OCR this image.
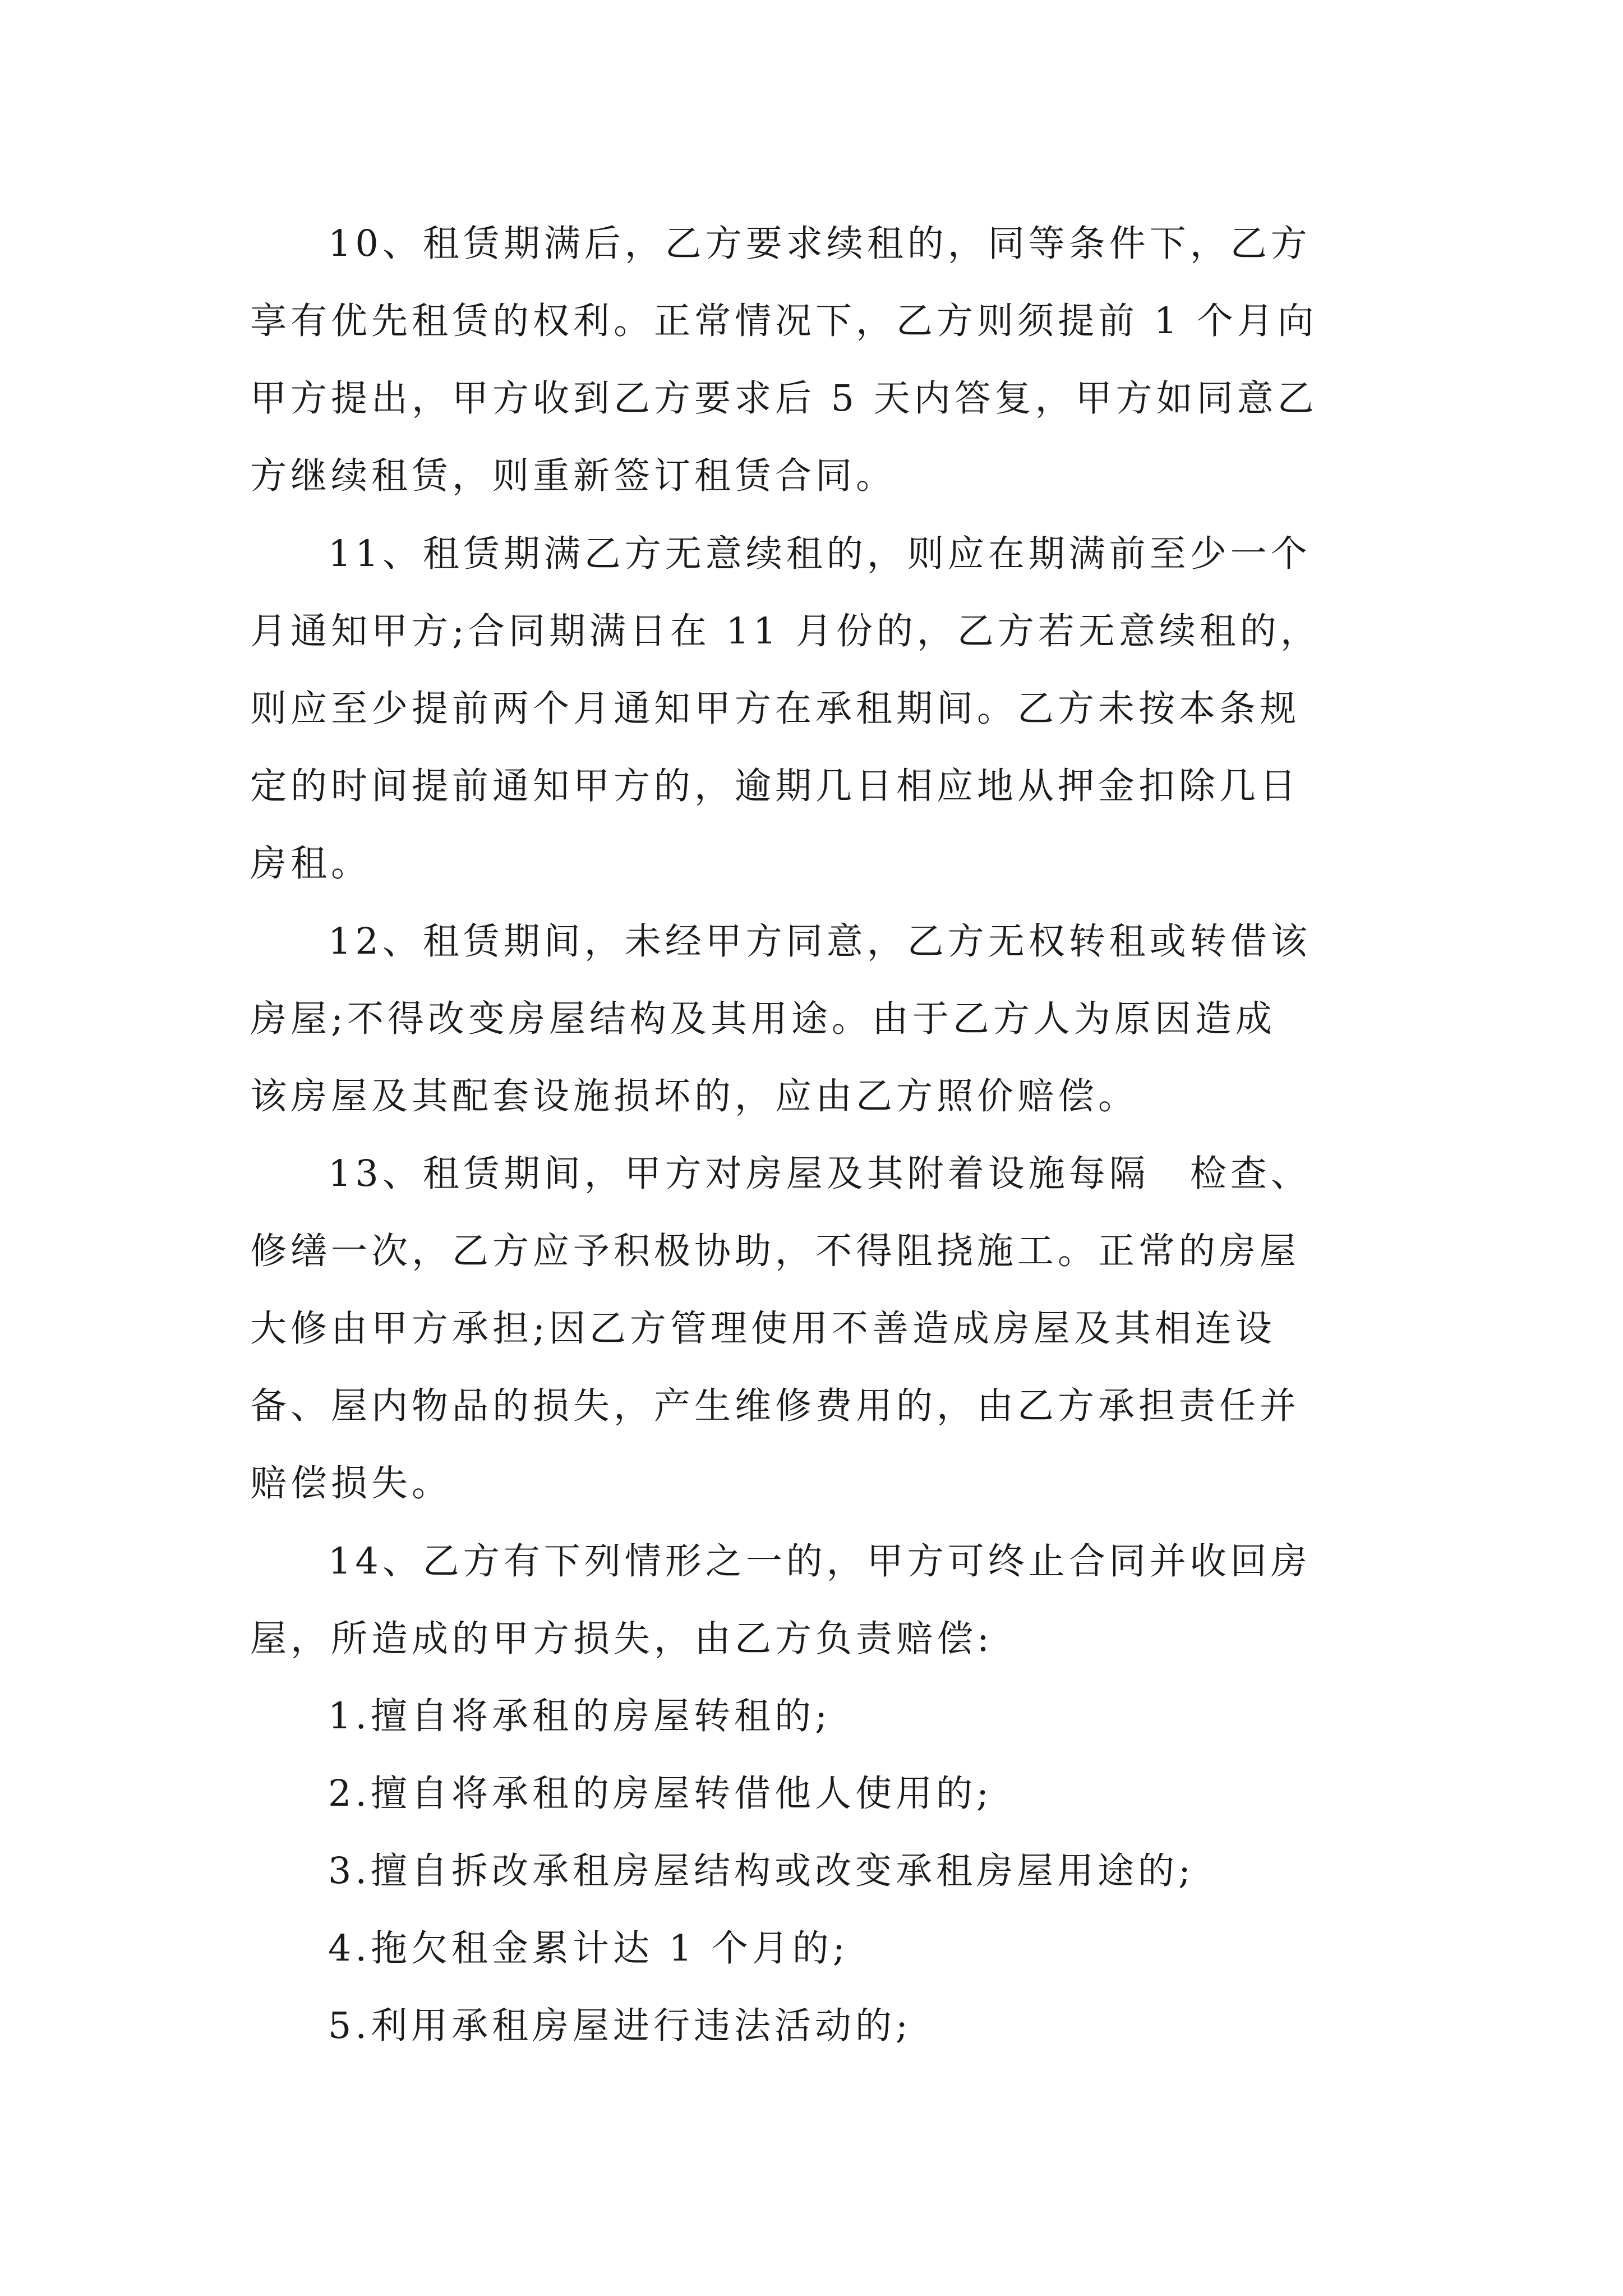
10、租赁期满后，乙方要求续租的，同等条件下，乙方
享有优先租赁的权利。正常情况下，乙方则须提前 1 个月向
甲方提出，甲方收到乙方要求后 5 天内答复，甲方如同意乙
方继续租赁，则重新签订租赁合同。
11、租赁期满乙方无意续租的，则应在期满前至少一个
月通知甲方;合同期满日在 11 月份的，乙方若无意续租的，
则应至少提前两个月通知甲方在承租期间。乙方未按本条规
定的时间提前通知甲方的，逾期几日相应地从押金扣除几日
房租。
12、租赁期间，未经甲方同意，乙方无权转租或转借该
房屋;不得改变房屋结构及其用途。由于乙方人为原因造成
该房屋及其配套设施损坏的，应由乙方照价赔偿。
13、租赁期间，甲方对房屋及其附着设施每隔　检查、
修缮一次，乙方应予积极协助，不得阻挠施工。正常的房屋
大修由甲方承担;因乙方管理使用不善造成房屋及其相连设
备、屋内物品的损失，产生维修费用的，由乙方承担责任并
赔偿损失。
14、乙方有下列情形之一的，甲方可终止合同并收回房
屋，所造成的甲方损失，由乙方负责赔偿:
1.擅自将承租的房屋转租的;
2.擅自将承租的房屋转借他人使用的;
3.擅自拆改承租房屋结构或改变承租房屋用途的;
4.拖欠租金累计达 1 个月的;
5.利用承租房屋进行违法活动的;
